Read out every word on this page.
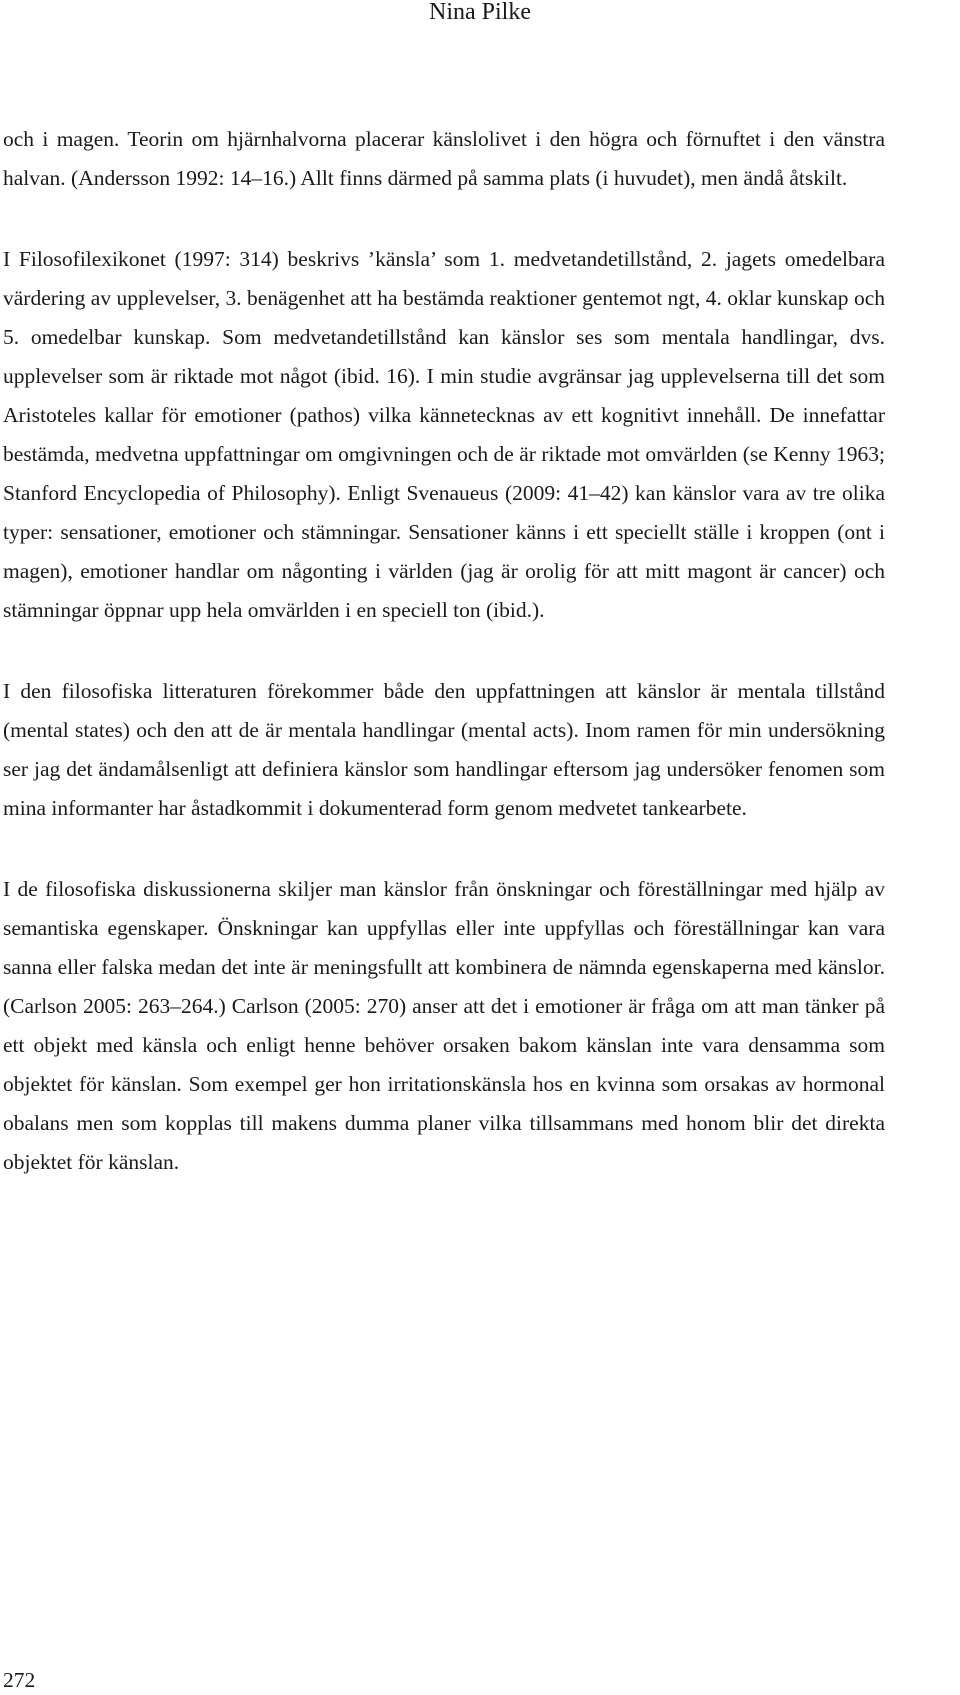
Nina Pilke

och i magen. Teorin om hjärnhalvorna placerar känslolivet i den högra och förnuftet i den vänstra halvan. (Andersson 1992: 14–16.) Allt finns därmed på samma plats (i huvudet), men ändå åtskilt.

I Filosofilexikonet (1997: 314) beskrivs ’känsla’ som 1. medvetandetillstånd, 2. jagets omedelbara värdering av upplevelser, 3. benägenhet att ha bestämda reaktioner gentemot ngt, 4. oklar kunskap och 5. omedelbar kunskap. Som medvetandetillstånd kan känslor ses som mentala handlingar, dvs. upplevelser som är riktade mot något (ibid. 16). I min studie avgränsar jag upplevelserna till det som Aristoteles kallar för emotioner (pathos) vilka kännetecknas av ett kognitivt innehåll. De innefattar bestämda, medvetna uppfattningar om omgivningen och de är riktade mot omvärlden (se Kenny 1963; Stanford Encyclopedia of Philosophy). Enligt Svenaueus (2009: 41–42) kan känslor vara av tre olika typer: sensationer, emotioner och stämningar. Sensationer känns i ett speciellt ställe i kroppen (ont i magen), emotioner handlar om någonting i världen (jag är orolig för att mitt magont är cancer) och stämningar öppnar upp hela omvärlden i en speciell ton (ibid.).

I den filosofiska litteraturen förekommer både den uppfattningen att känslor är mentala tillstånd (mental states) och den att de är mentala handlingar (mental acts). Inom ramen för min undersökning ser jag det ändamålsenligt att definiera känslor som handlingar eftersom jag undersöker fenomen som mina informanter har åstadkommit i dokumenterad form genom medvetet tankearbete.

I de filosofiska diskussionerna skiljer man känslor från önskningar och föreställningar med hjälp av semantiska egenskaper. Önskningar kan uppfyllas eller inte uppfyllas och föreställningar kan vara sanna eller falska medan det inte är meningsfullt att kombinera de nämnda egenskaperna med känslor. (Carlson 2005: 263–264.) Carlson (2005: 270) anser att det i emotioner är fråga om att man tänker på ett objekt med känsla och enligt henne behöver orsaken bakom känslan inte vara densamma som objektet för känslan. Som exempel ger hon irritationskänsla hos en kvinna som orsakas av hormonal obalans men som kopplas till makens dumma planer vilka tillsammans med honom blir det direkta objektet för känslan.

272
